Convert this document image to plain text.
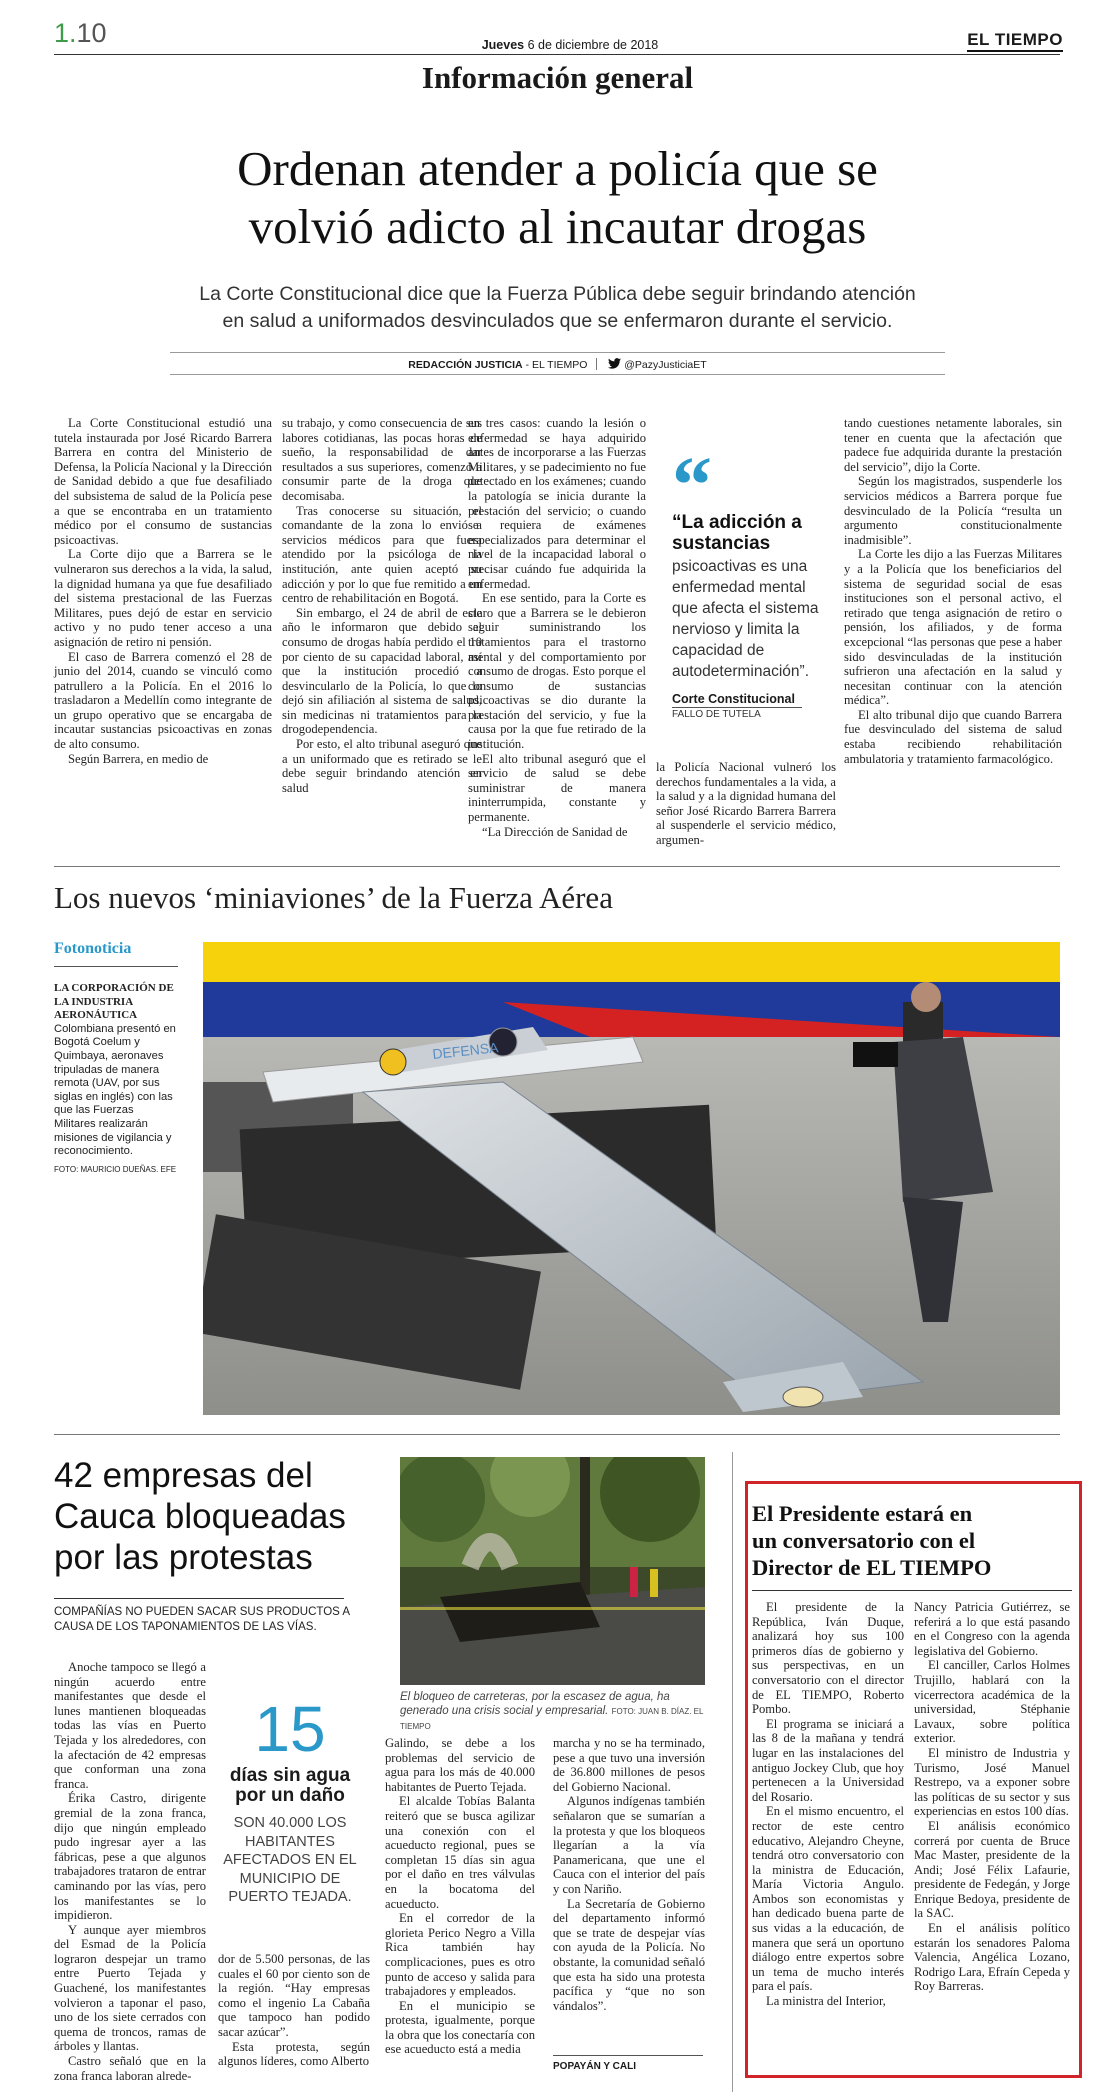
1.10	Jueves 6 de diciembre de 2018	EL TIEMPO
Información general
Ordenan atender a policía que se
volvió adicto al incautar drogas
La Corte Constitucional dice que la Fuerza Pública debe seguir brindando atención
en salud a uniformados desvinculados que se enfermaron durante el servicio.
REDACCIÓN JUSTICIA - EL TIEMPO	@PazyJusticiaET

La Corte Constitucional estudió una tutela instaurada por José Ricardo Barrera Barrera en contra del Ministerio de Defensa, la Policía Nacional y la Dirección de Sanidad debido a que fue desafiliado del subsistema de salud de la Policía pese a que se encontraba en un tratamiento médico por el consumo de sustancias psicoactivas.

La Corte dijo que a Barrera se le vulneraron sus derechos a la vida, la salud, la dignidad humana ya que fue desafiliado del sistema prestacional de las Fuerzas Militares, pues dejó de estar en servicio activo y no pudo tener acceso a una asignación de retiro ni pensión.

El caso de Barrera comenzó el 28 de junio del 2014, cuando se vinculó como patrullero a la Policía. En el 2016 lo trasladaron a Medellín como integrante de un grupo operativo que se encargaba de incautar sustancias psicoactivas en zonas de alto consumo.

Según Barrera, en medio de

su trabajo, y como consecuencia de sus labores cotidianas, las pocas horas de sueño, la responsabilidad de dar resultados a sus superiores, comenzó a consumir parte de la droga que decomisaba.

Tras conocerse su situación, el comandante de la zona lo envió a servicios médicos para que fuera atendido por la psicóloga de la institución, ante quien aceptó su adicción y por lo que fue remitido a un centro de rehabilitación en Bogotá.

Sin embargo, el 24 de abril de este año le informaron que debido al consumo de drogas había perdido el 10 por ciento de su capacidad laboral, así que la institución procedió a desvincularlo de la Policía, lo que lo dejó sin afiliación al sistema de salud, sin medicinas ni tratamientos para la drogodependencia.

Por esto, el alto tribunal aseguró que a un uniformado que es retirado se le debe seguir brindando atención en salud

en tres casos: cuando la lesión o enfermedad se haya adquirido antes de incorporarse a las Fuerzas Militares, y se padecimiento no fue detectado en los exámenes; cuando la patología se inicia durante la prestación del servicio; o cuando se requiera de exámenes especializados para determinar el nivel de la incapacidad laboral o precisar cuándo fue adquirida la enfermedad.

En ese sentido, para la Corte es claro que a Barrera se le debieron seguir suministrando los tratamientos para el trastorno mental y del comportamiento por consumo de drogas. Esto porque el consumo de sustancias psicoactivas se dio durante la prestación del servicio, y fue la causa por la que fue retirado de la institución.

El alto tribunal aseguró que el servicio de salud se debe suministrar de manera ininterrumpida, constante y permanente.

“La Dirección de Sanidad de

“
“La adicción a
sustancias
psicoactivas es una enfermedad mental que afecta el sistema nervioso y limita la capacidad de autodeterminación”.
Corte Constitucional
FALLO DE TUTELA

la Policía Nacional vulneró los derechos fundamentales a la vida, a la salud y a la dignidad humana del señor José Ricardo Barrera Barrera al suspenderle el servicio médico, argumen-

tando cuestiones netamente laborales, sin tener en cuenta que la afectación que padece fue adquirida durante la prestación del servicio”, dijo la Corte.

Según los magistrados, suspenderle los servicios médicos a Barrera porque fue desvinculado de la Policía “resulta un argumento constitucionalmente inadmisible”.

La Corte les dijo a las Fuerzas Militares y a la Policía que los beneficiarios del sistema de seguridad social de esas instituciones son el personal activo, el retirado que tenga asignación de retiro o pensión, los afiliados, y de forma excepcional “las personas que pese a haber sido desvinculadas de la institución sufrieron una afectación en la salud y necesitan continuar con la atención médica”.

El alto tribunal dijo que cuando Barrera fue desvinculado del sistema de salud estaba recibiendo rehabilitación ambulatoria y tratamiento farmacológico.

Los nuevos ‘miniaviones’ de la Fuerza Aérea
Fotonoticia
LA CORPORACIÓN DE LA INDUSTRIA AERONÁUTICA
Colombiana presentó en Bogotá Coelum y Quimbaya, aeronaves tripuladas de manera remota (UAV, por sus siglas en inglés) con las que las Fuerzas Militares realizarán misiones de vigilancia y reconocimiento.
FOTO: MAURICIO DUEÑAS. EFE
DEFENSA
42 empresas del
Cauca bloqueadas
por las protestas
COMPAÑÍAS NO PUEDEN SACAR SUS PRODUCTOS A CAUSA DE LOS TAPONAMIENTOS DE LAS VÍAS.

Anoche tampoco se llegó a ningún acuerdo entre manifestantes que desde el lunes mantienen bloqueadas todas las vías en Puerto Tejada y los alrededores, con la afectación de 42 empresas que conforman una zona franca.

Érika Castro, dirigente gremial de la zona franca, dijo que ningún empleado pudo ingresar ayer a las fábricas, pese a que algunos trabajadores trataron de entrar caminando por las vías, pero los manifestantes se lo impidieron.

Y aunque ayer miembros del Esmad de la Policía lograron despejar un tramo entre Puerto Tejada y Guachené, los manifestantes volvieron a taponar el paso, uno de los siete cerrados con quema de troncos, ramas de árboles y llantas.

Castro señaló que en la zona franca laboran alrede-

15
días sin agua
por un daño
SON 40.000 LOS HABITANTES AFECTADOS EN EL MUNICIPIO DE PUERTO TEJADA.

dor de 5.500 personas, de las cuales el 60 por ciento son de la región. “Hay empresas como el ingenio La Cabaña que tampoco han podido sacar azúcar”.

Esta protesta, según algunos líderes, como Alberto

El bloqueo de carreteras, por la escasez de agua, ha generado una crisis social y empresarial. FOTO: JUAN B. DÍAZ. EL TIEMPO

Galindo, se debe a los problemas del servicio de agua para los más de 40.000 habitantes de Puerto Tejada.

El alcalde Tobías Balanta reiteró que se busca agilizar una conexión con el acueducto regional, pues se completan 15 días sin agua por el daño en tres válvulas en la bocatoma del acueducto.

En el corredor de la glorieta Perico Negro a Villa Rica también hay complicaciones, pues es otro punto de acceso y salida para trabajadores y empleados.

En el municipio se protesta, igualmente, porque la obra que los conectaría con ese acueducto está a media

marcha y no se ha terminado, pese a que tuvo una inversión de 36.800 millones de pesos del Gobierno Nacional.

Algunos indígenas también señalaron que se sumarían a la protesta y que los bloqueos llegarían a la vía Panamericana, que une el Cauca con el interior del país y con Nariño.

La Secretaría de Gobierno del departamento informó que se trate de despejar vías con ayuda de la Policía. No obstante, la comunidad señaló que esta ha sido una protesta pacífica y “que no son vándalos”.

POPAYÁN Y CALI
El Presidente estará en
un conversatorio con el
Director de EL TIEMPO

El presidente de la República, Iván Duque, analizará hoy sus 100 primeros días de gobierno y sus perspectivas, en un conversatorio con el director de EL TIEMPO, Roberto Pombo.

El programa se iniciará a las 8 de la mañana y tendrá lugar en las instalaciones del antiguo Jockey Club, que hoy pertenecen a la Universidad del Rosario.

En el mismo encuentro, el rector de este centro educativo, Alejandro Cheyne, tendrá otro conversatorio con la ministra de Educación, María Victoria Angulo. Ambos son economistas y han dedicado buena parte de sus vidas a la educación, de manera que será un oportuno diálogo entre expertos sobre un tema de mucho interés para el país.

La ministra del Interior,

Nancy Patricia Gutiérrez, se referirá a lo que está pasando en el Congreso con la agenda legislativa del Gobierno.

El canciller, Carlos Holmes Trujillo, hablará con la vicerrectora académica de la universidad, Stéphanie Lavaux, sobre política exterior.

El ministro de Industria y Turismo, José Manuel Restrepo, va a exponer sobre las políticas de su sector y sus experiencias en estos 100 días.

El análisis económico correrá por cuenta de Bruce Mac Master, presidente de la Andi; José Félix Lafaurie, presidente de Fedegán, y Jorge Enrique Bedoya, presidente de la SAC.

En el análisis político estarán los senadores Paloma Valencia, Angélica Lozano, Rodrigo Lara, Efraín Cepeda y Roy Barreras.
